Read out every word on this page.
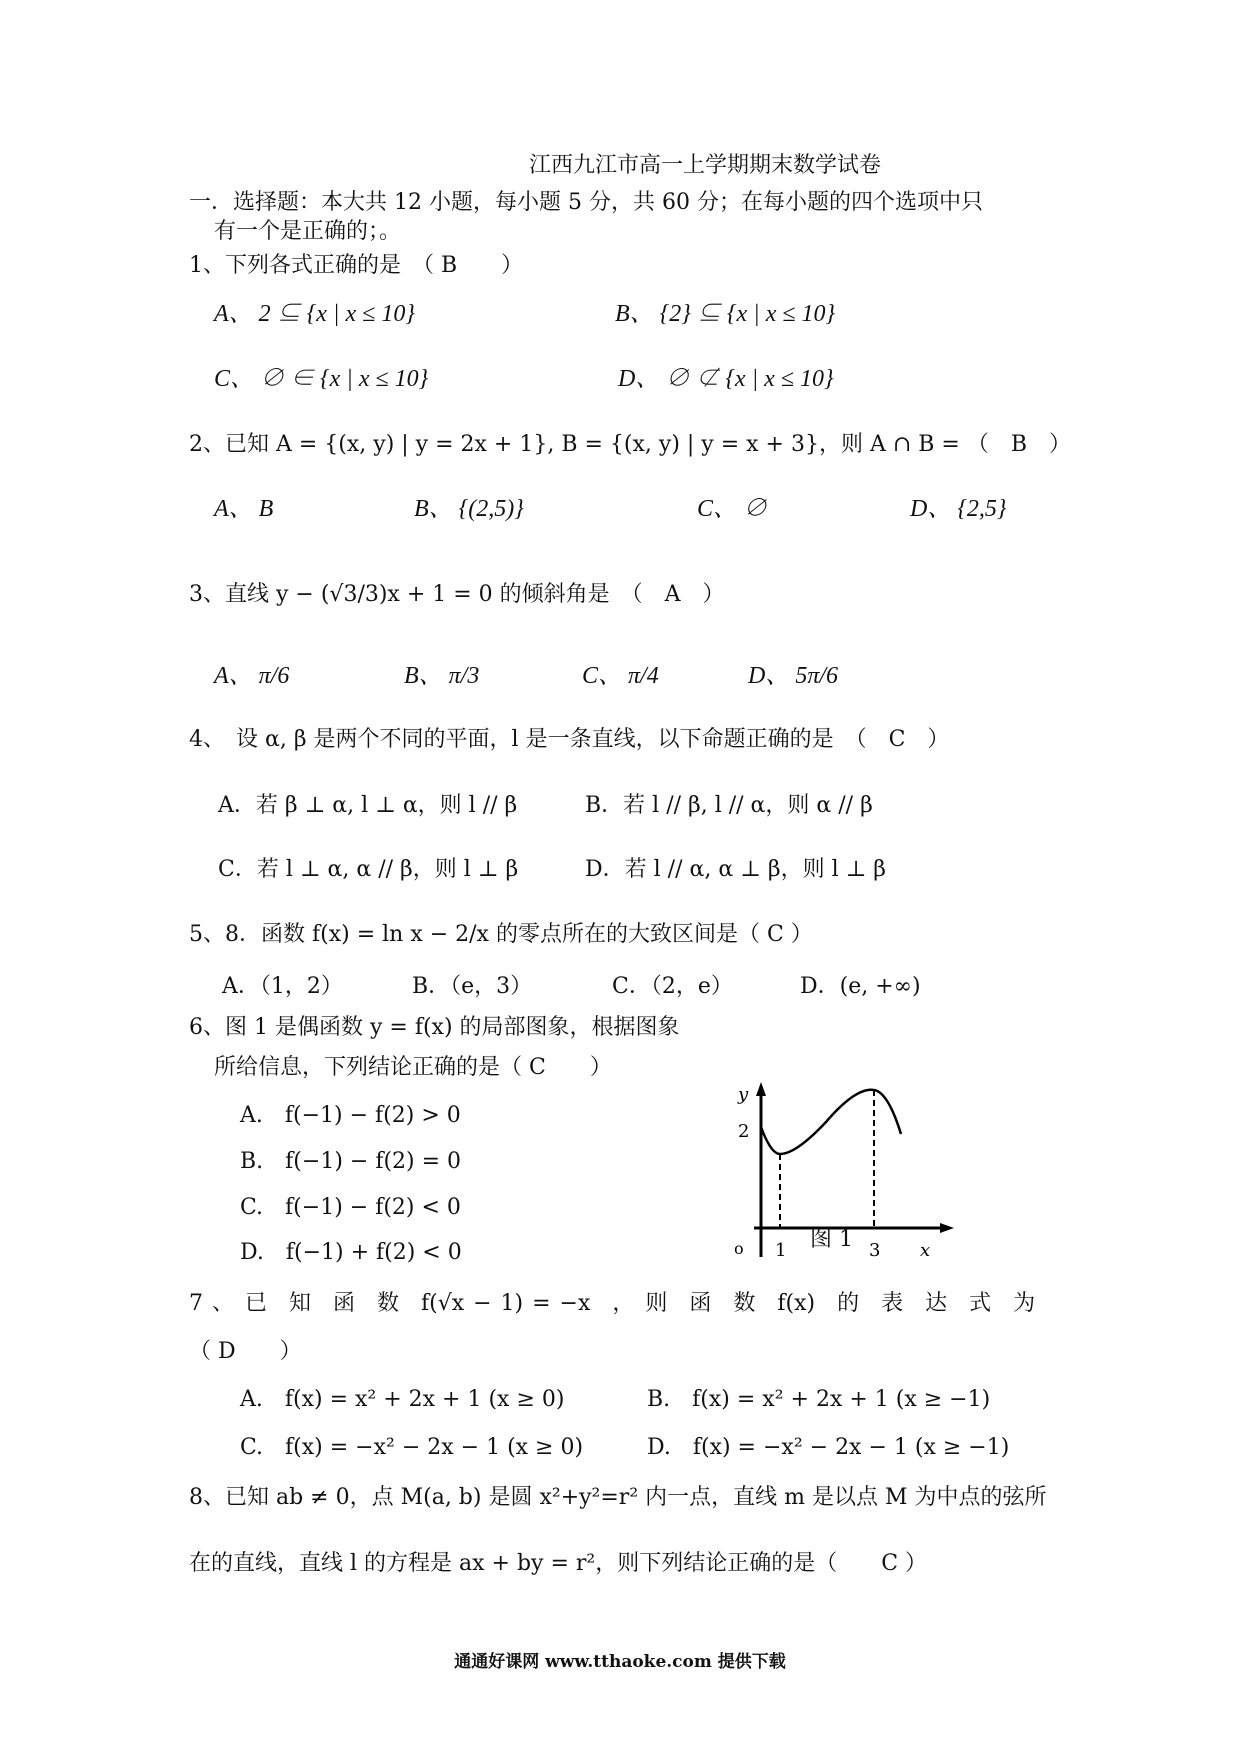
江西九江市高一上学期期末数学试卷
一．选择题：本大共 12 小题，每小题 5 分，共 60 分；在每小题的四个选项中只
有一个是正确的；。
1、下列各式正确的是　（ B　　）
A、 2 ⊆ {x | x ≤ 10}	B、 {2} ⊆ {x | x ≤ 10}
C、 ∅ ∈ {x | x ≤ 10}	D、 ∅ ⊄ {x | x ≤ 10}
2、已知 A = {(x, y) | y = 2x + 1}, B = {(x, y) | y = x + 3}，则 A ∩ B = （　B　）
A、 B	B、 {(2,5)}	C、 ∅	D、 {2,5}
3、直线 y − (√3/3)x + 1 = 0 的倾斜角是　（　A　）
A、 π/6	B、 π/3	C、 π/4	D、 5π/6
4、　设 α, β 是两个不同的平面，l 是一条直线，以下命题正确的是　（　C　）
A．若 β ⊥ α, l ⊥ α，则 l // β	B．若 l // β, l // α，则 α // β
C．若 l ⊥ α, α // β，则 l ⊥ β	D．若 l // α, α ⊥ β，则 l ⊥ β
5、8．函数 f(x) = ln x − 2/x 的零点所在的大致区间是（ C ）
A．（1，2）	B．（e，3）	C．（2，e）	D．(e, +∞)
6、图 1 是偶函数 y = f(x) 的局部图象，根据图象
所给信息，下列结论正确的是（ C　　）
A.　f(−1) − f(2) > 0
B.　f(−1) − f(2) = 0
C.　f(−1) − f(2) < 0
D.　f(−1) + f(2) < 0
y
2
o 1	3 x
图 1
7 、　已　知　函　数　f(√x − 1) = −x　，　则　函　数　f(x)　的　表　达　式　为
（ D　　）
A.　f(x) = x² + 2x + 1 (x ≥ 0)	B.　f(x) = x² + 2x + 1 (x ≥ −1)
C.　f(x) = −x² − 2x − 1 (x ≥ 0)	D.　f(x) = −x² − 2x − 1 (x ≥ −1)
8、已知 ab ≠ 0，点 M(a, b) 是圆 x²+y²=r² 内一点，直线 m 是以点 M 为中点的弦所
在的直线，直线 l 的方程是 ax + by = r²，则下列结论正确的是（　　C ）
通通好课网 www.tthaoke.com 提供下载
